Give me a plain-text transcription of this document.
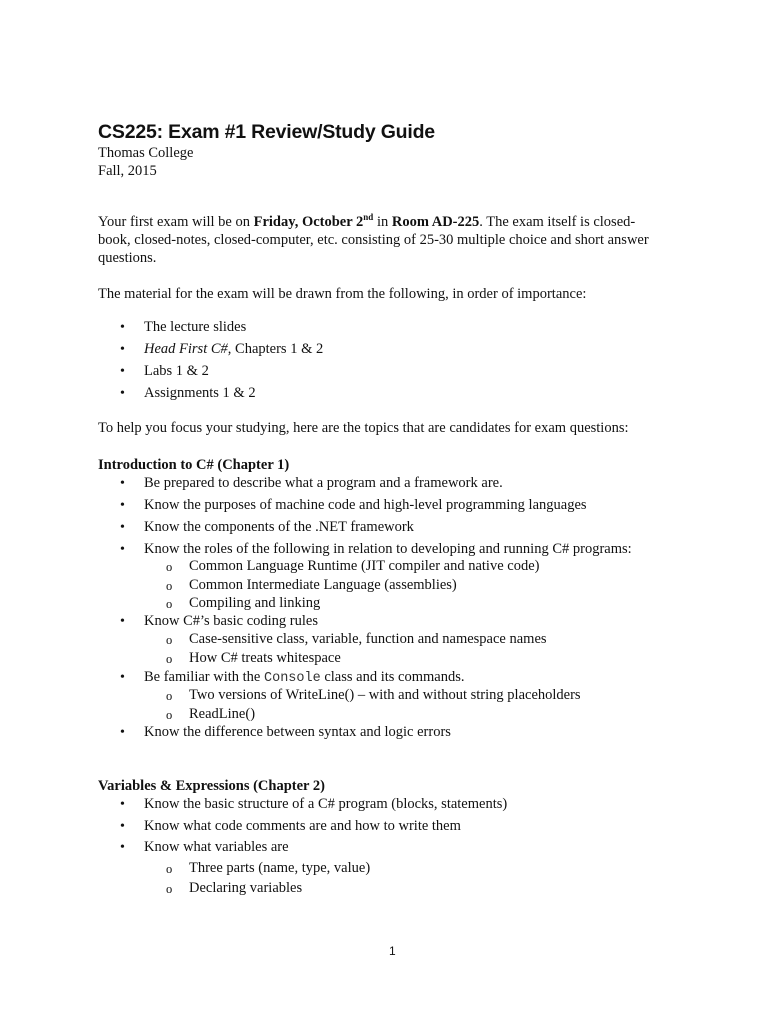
CS225: Exam #1 Review/Study Guide
Thomas College
Fall, 2015
Your first exam will be on Friday, October 2nd in Room AD-225. The exam itself is closed-book, closed-notes, closed-computer, etc. consisting of 25-30 multiple choice and short answer questions.
The material for the exam will be drawn from the following, in order of importance:
• The lecture slides
• Head First C#, Chapters 1 & 2
• Labs 1 & 2
• Assignments 1 & 2
To help you focus your studying, here are the topics that are candidates for exam questions:
Introduction to C# (Chapter 1)
• Be prepared to describe what a program and a framework are.
• Know the purposes of machine code and high-level programming languages
• Know the components of the .NET framework
• Know the roles of the following in relation to developing and running C# programs:
o Common Language Runtime (JIT compiler and native code)
o Common Intermediate Language (assemblies)
o Compiling and linking
• Know C#’s basic coding rules
o Case-sensitive class, variable, function and namespace names
o How C# treats whitespace
• Be familiar with the Console class and its commands.
o Two versions of WriteLine() – with and without string placeholders
o ReadLine()
• Know the difference between syntax and logic errors
Variables & Expressions (Chapter 2)
• Know the basic structure of a C# program (blocks, statements)
• Know what code comments are and how to write them
• Know what variables are
o Three parts (name, type, value)
o Declaring variables
1
